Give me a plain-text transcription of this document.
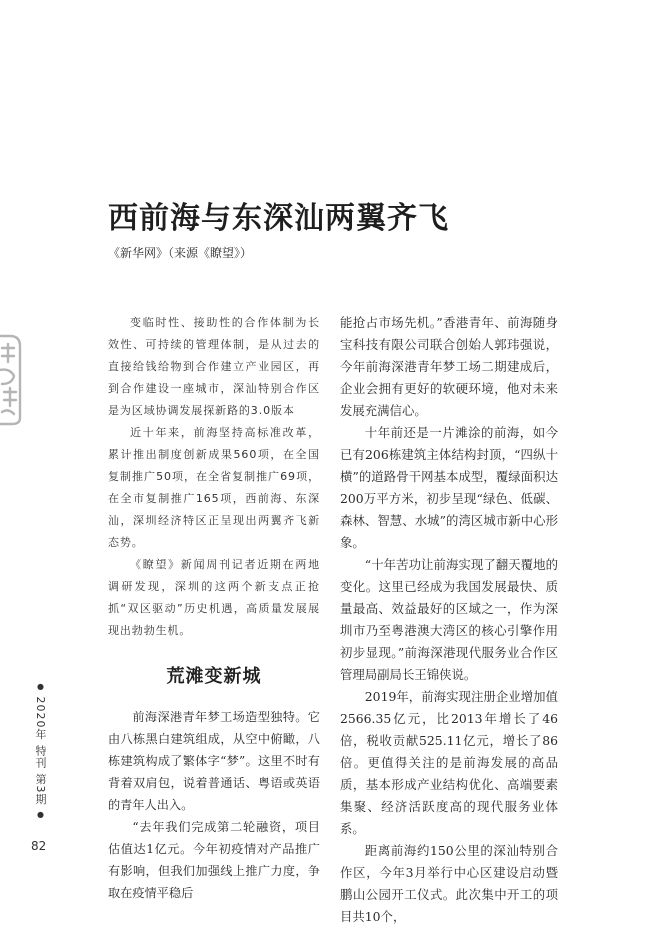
西前海与东深汕两翼齐飞

《新华网》（来源《瞭望》）

变临时性、接助性的合作体制为长效性、可持续的管理体制，是从过去的直接给钱给物到合作建立产业园区，再到合作建设一座城市，深汕特别合作区是为区域协调发展探新路的3.0版本

近十年来，前海坚持高标准改革，累计推出制度创新成果560项，在全国复制推广50项，在全省复制推广69项，在全市复制推广165项，西前海、东深汕，深圳经济特区正呈现出两翼齐飞新态势。

《瞭望》新闻周刊记者近期在两地调研发现，深圳的这两个新支点正抢抓“双区驱动”历史机遇，高质量发展展现出勃勃生机。

荒滩变新城

前海深港青年梦工场造型独特。它由八栋黑白建筑组成，从空中俯瞰，八栋建筑构成了繁体字“梦”。这里不时有背着双肩包，说着普通话、粤语或英语的青年人出入。

“去年我们完成第二轮融资，项目估值达1亿元。今年初疫情对产品推广有影响，但我们加强线上推广力度，争取在疫情平稳后

能抢占市场先机。”香港青年、前海随身宝科技有限公司联合创始人郭玮强说，今年前海深港青年梦工场二期建成后，企业会拥有更好的软硬环境，他对未来发展充满信心。

十年前还是一片滩涂的前海，如今已有206栋建筑主体结构封顶，“四纵十横”的道路骨干网基本成型，覆绿面积达200万平方米，初步呈现“绿色、低碳、森林、智慧、水城”的湾区城市新中心形象。

“十年苦功让前海实现了翻天覆地的变化。这里已经成为我国发展最快、质量最高、效益最好的区域之一，作为深圳市乃至粤港澳大湾区的核心引擎作用初步显现。”前海深港现代服务业合作区管理局副局长王锦侠说。

2019年，前海实现注册企业增加值2566.35亿元，比2013年增长了46倍，税收贡献525.11亿元，增长了86倍。更值得关注的是前海发展的高品质，基本形成产业结构优化、高端要素集聚、经济活跃度高的现代服务业体系。

距离前海约150公里的深汕特别合作区，今年3月举行中心区建设启动暨鹏山公园开工仪式。此次集中开工的项目共10个，

● 2020年 特刊 第3期 ●

82
